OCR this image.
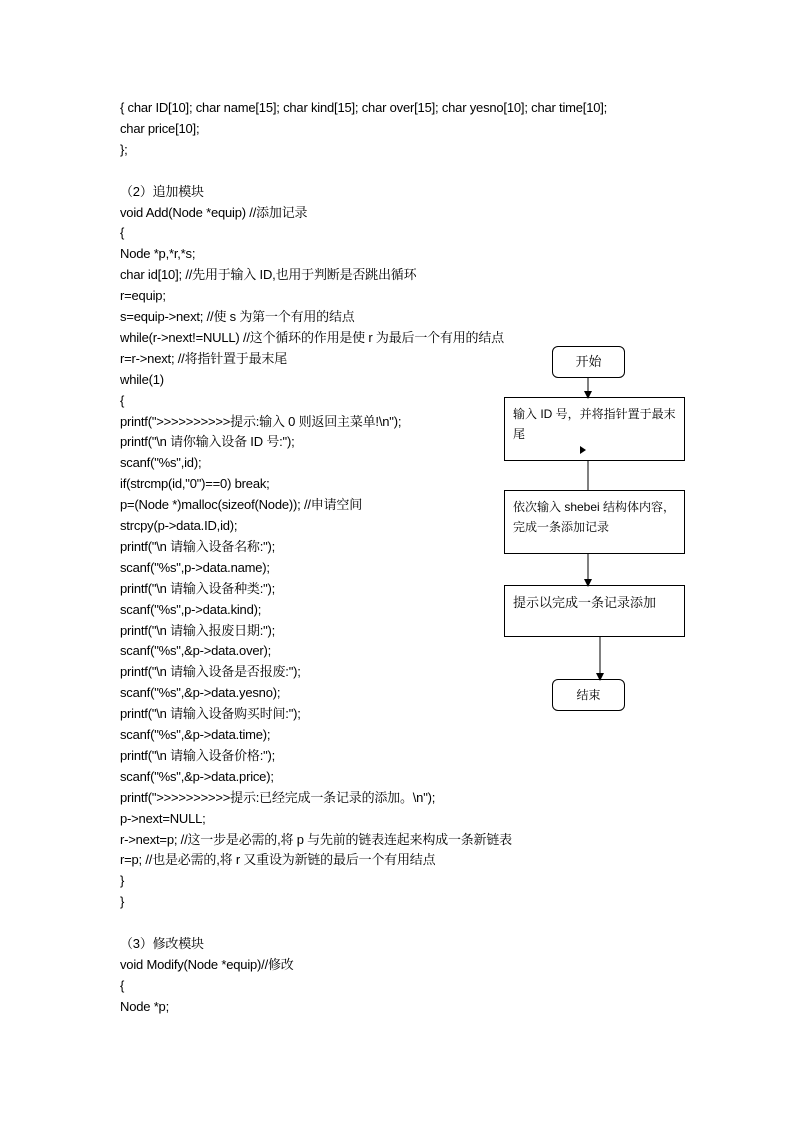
{ char ID[10]; char name[15]; char kind[15]; char over[15]; char yesno[10]; char time[10];
char price[10];
};
（2）追加模块
void Add(Node *equip) //添加记录
{
Node *p,*r,*s;
char id[10]; //先用于输入 ID,也用于判断是否跳出循环
r=equip;
s=equip->next; //使 s 为第一个有用的结点
while(r->next!=NULL) //这个循环的作用是使 r 为最后一个有用的结点
r=r->next; //将指针置于最末尾
while(1)
{
printf(">>>>>>>>>>提示:输入 0 则返回主菜单!\n");
printf("\n 请你输入设备 ID 号:");
scanf("%s",id);
if(strcmp(id,"0")==0) break;
p=(Node *)malloc(sizeof(Node)); //申请空间
strcpy(p->data.ID,id);
printf("\n 请输入设备名称:");
scanf("%s",p->data.name);
printf("\n 请输入设备种类:");
scanf("%s",p->data.kind);
printf("\n 请输入报废日期:");
scanf("%s",&p->data.over);
printf("\n 请输入设备是否报废:");
scanf("%s",&p->data.yesno);
printf("\n 请输入设备购买时间:");
scanf("%s",&p->data.time);
printf("\n 请输入设备价格:");
scanf("%s",&p->data.price);
printf(">>>>>>>>>>提示:已经完成一条记录的添加。\n");
p->next=NULL;
r->next=p; //这一步是必需的,将 p 与先前的链表连起来构成一条新链表
r=p; //也是必需的,将 r 又重设为新链的最后一个有用结点
}
}
（3）修改模块
void Modify(Node *equip)//修改
{
Node *p;
开始
输入 ID 号，并将指针置于最末尾
依次输入 shebei 结构体内容，完成一条添加记录
提示以完成一条记录添加
结束
